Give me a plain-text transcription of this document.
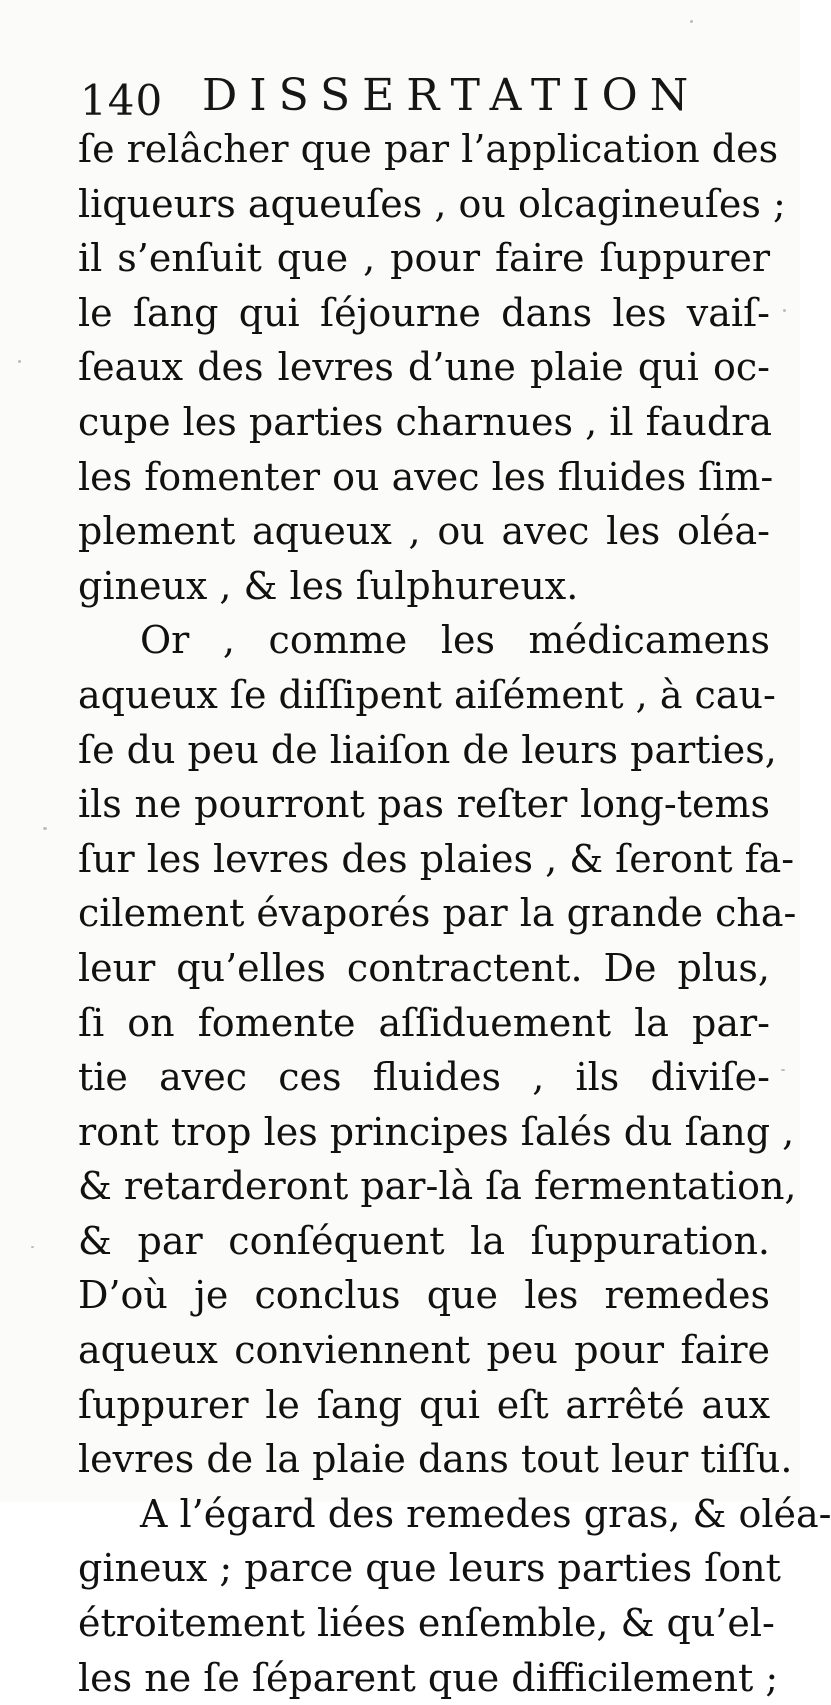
140 DISSERTATION
ſe relâcher que par l’application des
liqueurs aqueuſes , ou olcagineuſes ;
il s’enſuit que , pour faire ſuppurer
le ſang qui ſéjourne dans les vaiſ-
ſeaux des levres d’une plaie qui oc-
cupe les parties charnues , il faudra
les fomenter ou avec les fluides ſim-
plement aqueux , ou avec les oléa-
gineux , & les ſulphureux.
Or , comme les médicamens
aqueux ſe diſſipent aiſément , à cau-
ſe du peu de liaiſon de leurs parties,
ils ne pourront pas reſter long-tems
ſur les levres des plaies , & ſeront fa-
cilement évaporés par la grande cha-
leur qu’elles contractent. De plus,
ſi on fomente aſſiduement la par-
tie avec ces fluides , ils diviſe-
ront trop les principes ſalés du ſang ,
& retarderont par-là ſa fermentation,
& par conſéquent la ſuppuration.
D’où je conclus que les remedes
aqueux conviennent peu pour faire
ſuppurer le ſang qui eſt arrêté aux
levres de la plaie dans tout leur tiſſu.
A l’égard des remedes gras, & oléa-
gineux ; parce que leurs parties ſont
étroitement liées enſemble, & qu’el-
les ne ſe ſéparent que difficilement ;
